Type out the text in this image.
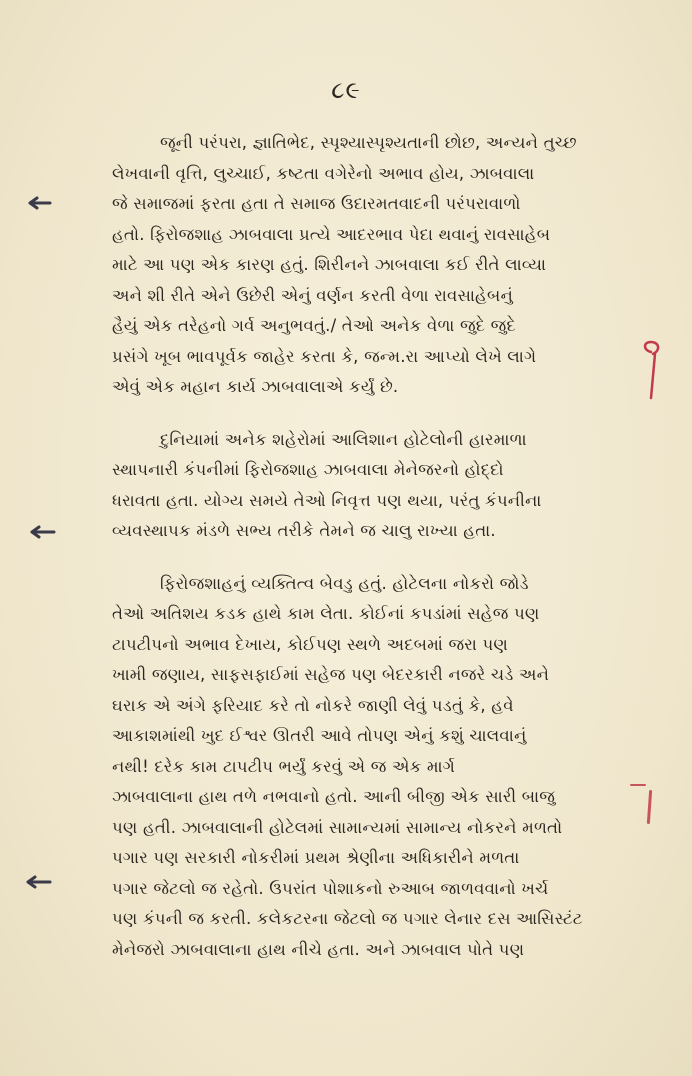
૮૯
જૂની પરંપરા, જ્ઞાતિભેદ, સ્પૃશ્યાસ્પૃશ્યતાની છોછ, અન્યને તુચ્છ
લેખવાની વૃત્તિ, લુચ્ચાઈ, કષ્ટતા વગેરેનો અભાવ હોય, ઝાબવાલા
જે સમાજમાં ફરતા હતા તે સમાજ ઉદારમતવાદની પરંપરાવાળો
હતો. ફિરોજશાહ ઝાબવાલા પ્રત્યે આદરભાવ પેદા થવાનું રાવસાહેબ
માટે આ પણ એક કારણ હતું. શિરીનને ઝાબવાલા કઈ રીતે લાવ્યા
અને શી રીતે એને ઉછેરી એનું વર્ણન કરતી વેળા રાવસાહેબનું
હૈયું એક તરેહનો ગર્વ અનુભવતું./ તેઓ અનેક વેળા જુદે જુદે
પ્રસંગે ખૂબ ભાવપૂર્વક જાહેર કરતા કે, જન્મ.રા આપ્યો લેખે લાગે
એવું એક મહાન કાર્ય ઝાબવાલાએ કર્યું છે.
દુનિયામાં અનેક શહેરોમાં આલિશાન હોટેલોની હારમાળા
સ્થાપનારી કંપનીમાં ફિરોજશાહ ઝાબવાલા મેનેજરનો હોદ્દો
ધરાવતા હતા. યોગ્ય સમયે તેઓ નિવૃત્ત પણ થયા, પરંતુ કંપનીના
વ્યવસ્થાપક મંડળે સભ્ય તરીકે તેમને જ ચાલુ રાખ્યા હતા.
ફિરોજશાહનું વ્યક્તિત્વ બેવડુ હતું. હોટેલના નોકરો જોડે
તેઓ અતિશય કડક હાથે કામ લેતા. કોઈનાં કપડાંમાં સહેજ પણ
ટાપટીપનો અભાવ દેખાય, કોઈપણ સ્થળે અદબમાં જરા પણ
ખામી જણાય, સાફસફાઈમાં સહેજ પણ બેદરકારી નજરે ચડે અને
ઘરાક એ અંગે ફરિયાદ કરે તો નોકરે જાણી લેવું પડતું કે, હવે
આકાશમાંથી ખુદ ઈશ્વર ઊતરી આવે તોપણ એનું કશું ચાલવાનું
નથી! દરેક કામ ટાપટીપ ભર્યું કરવું એ જ એક માર્ગ
ઝાબવાલાના હાથ તળે નભવાનો હતો. આની બીજી એક સારી બાજુ
પણ હતી. ઝાબવાલાની હોટેલમાં સામાન્યમાં સામાન્ય નોકરને મળતો
પગાર પણ સરકારી નોકરીમાં પ્રથમ શ્રેણીના અધિકારીને મળતા
પગાર જેટલો જ રહેતો. ઉપરાંત પોશાકનો રુઆબ જાળવવાનો ખર્ચ
પણ કંપની જ કરતી. કલેકટરના જેટલો જ પગાર લેનાર દસ આસિસ્ટંટ
મેનેજરો ઝાબવાલાના હાથ નીચે હતા. અને ઝાબવાલ પોતે પણ
